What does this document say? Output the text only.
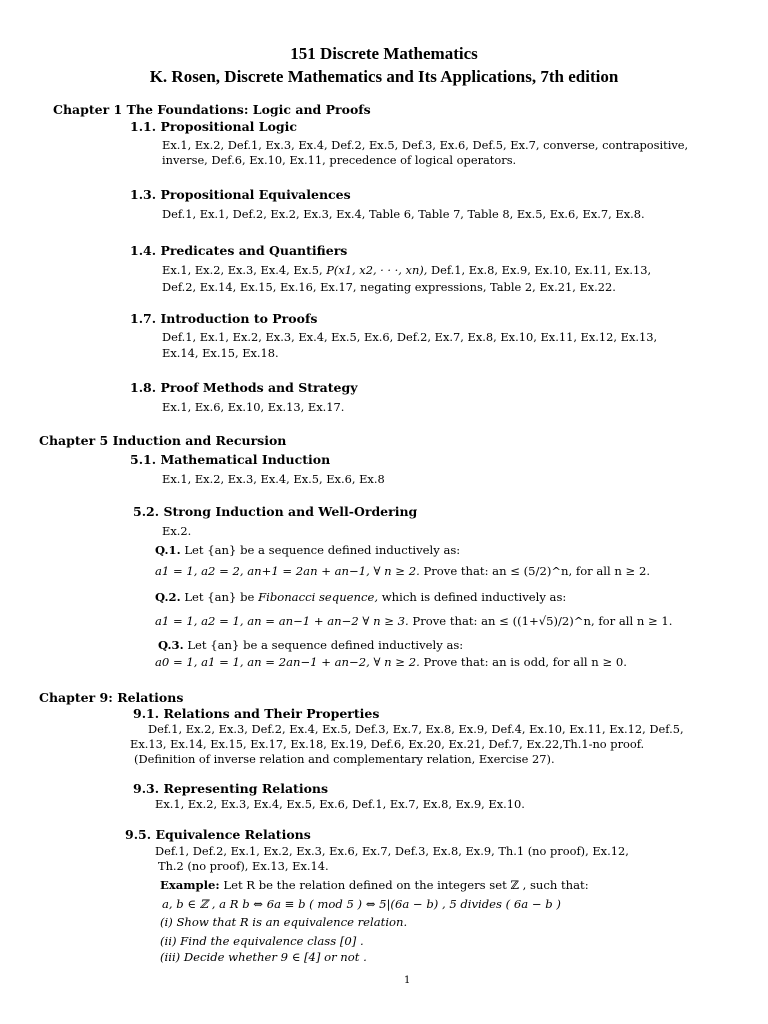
151 Discrete Mathematics
K. Rosen, Discrete Mathematics and Its Applications, 7th edition
Chapter 1 The Foundations: Logic and Proofs
1.1. Propositional Logic
Ex.1, Ex.2, Def.1, Ex.3, Ex.4, Def.2, Ex.5, Def.3, Ex.6, Def.5, Ex.7, converse, contrapositive,
inverse, Def.6, Ex.10, Ex.11, precedence of logical operators.
1.3. Propositional Equivalences
Def.1, Ex.1, Def.2, Ex.2, Ex.3, Ex.4, Table 6, Table 7, Table 8, Ex.5, Ex.6, Ex.7, Ex.8.
1.4. Predicates and Quantifiers
Ex.1, Ex.2, Ex.3, Ex.4, Ex.5, P(x1, x2, · · ·, xn), Def.1, Ex.8, Ex.9, Ex.10, Ex.11, Ex.13,
Def.2, Ex.14, Ex.15, Ex.16, Ex.17, negating expressions, Table 2, Ex.21, Ex.22.
1.7. Introduction to Proofs
Def.1, Ex.1, Ex.2, Ex.3, Ex.4, Ex.5, Ex.6, Def.2, Ex.7, Ex.8, Ex.10, Ex.11, Ex.12, Ex.13,
Ex.14, Ex.15, Ex.18.
1.8. Proof Methods and Strategy
Ex.1, Ex.6, Ex.10, Ex.13, Ex.17.
Chapter 5 Induction and Recursion
5.1. Mathematical Induction
Ex.1, Ex.2, Ex.3, Ex.4, Ex.5, Ex.6, Ex.8
5.2. Strong Induction and Well-Ordering
Ex.2.
Q.1. Let {an} be a sequence defined inductively as:
a1 = 1, a2 = 2, an+1 = 2an + an−1, ∀ n ≥ 2. Prove that: an ≤ (5/2)^n, for all n ≥ 2.
Q.2. Let {an} be Fibonacci sequence, which is defined inductively as:
a1 = 1, a2 = 1, an = an−1 + an−2 ∀ n ≥ 3. Prove that: an ≤ ((1+√5)/2)^n, for all n ≥ 1.
Q.3. Let {an} be a sequence defined inductively as:
a0 = 1, a1 = 1, an = 2an−1 + an−2, ∀ n ≥ 2. Prove that: an is odd, for all n ≥ 0.
Chapter 9: Relations
9.1. Relations and Their Properties
Def.1, Ex.2, Ex.3, Def.2, Ex.4, Ex.5, Def.3, Ex.7, Ex.8, Ex.9, Def.4, Ex.10, Ex.11, Ex.12, Def.5,
Ex.13, Ex.14, Ex.15, Ex.17, Ex.18, Ex.19, Def.6, Ex.20, Ex.21, Def.7, Ex.22,Th.1-no proof.
(Definition of inverse relation and complementary relation, Exercise 27).
9.3. Representing Relations
Ex.1, Ex.2, Ex.3, Ex.4, Ex.5, Ex.6, Def.1, Ex.7, Ex.8, Ex.9, Ex.10.
9.5. Equivalence Relations
Def.1, Def.2, Ex.1, Ex.2, Ex.3, Ex.6, Ex.7, Def.3, Ex.8, Ex.9, Th.1 (no proof), Ex.12,
Th.2 (no proof), Ex.13, Ex.14.
Example: Let R be the relation defined on the integers set ℤ , such that:
a, b ∈ ℤ , a R b ⇔ 6a ≡ b ( mod 5 ) ⇔ 5|(6a − b) , 5 divides ( 6a − b )
(i) Show that R is an equivalence relation.
(ii) Find the equivalence class [0] .
(iii) Decide whether 9 ∈ [4] or not .
1
